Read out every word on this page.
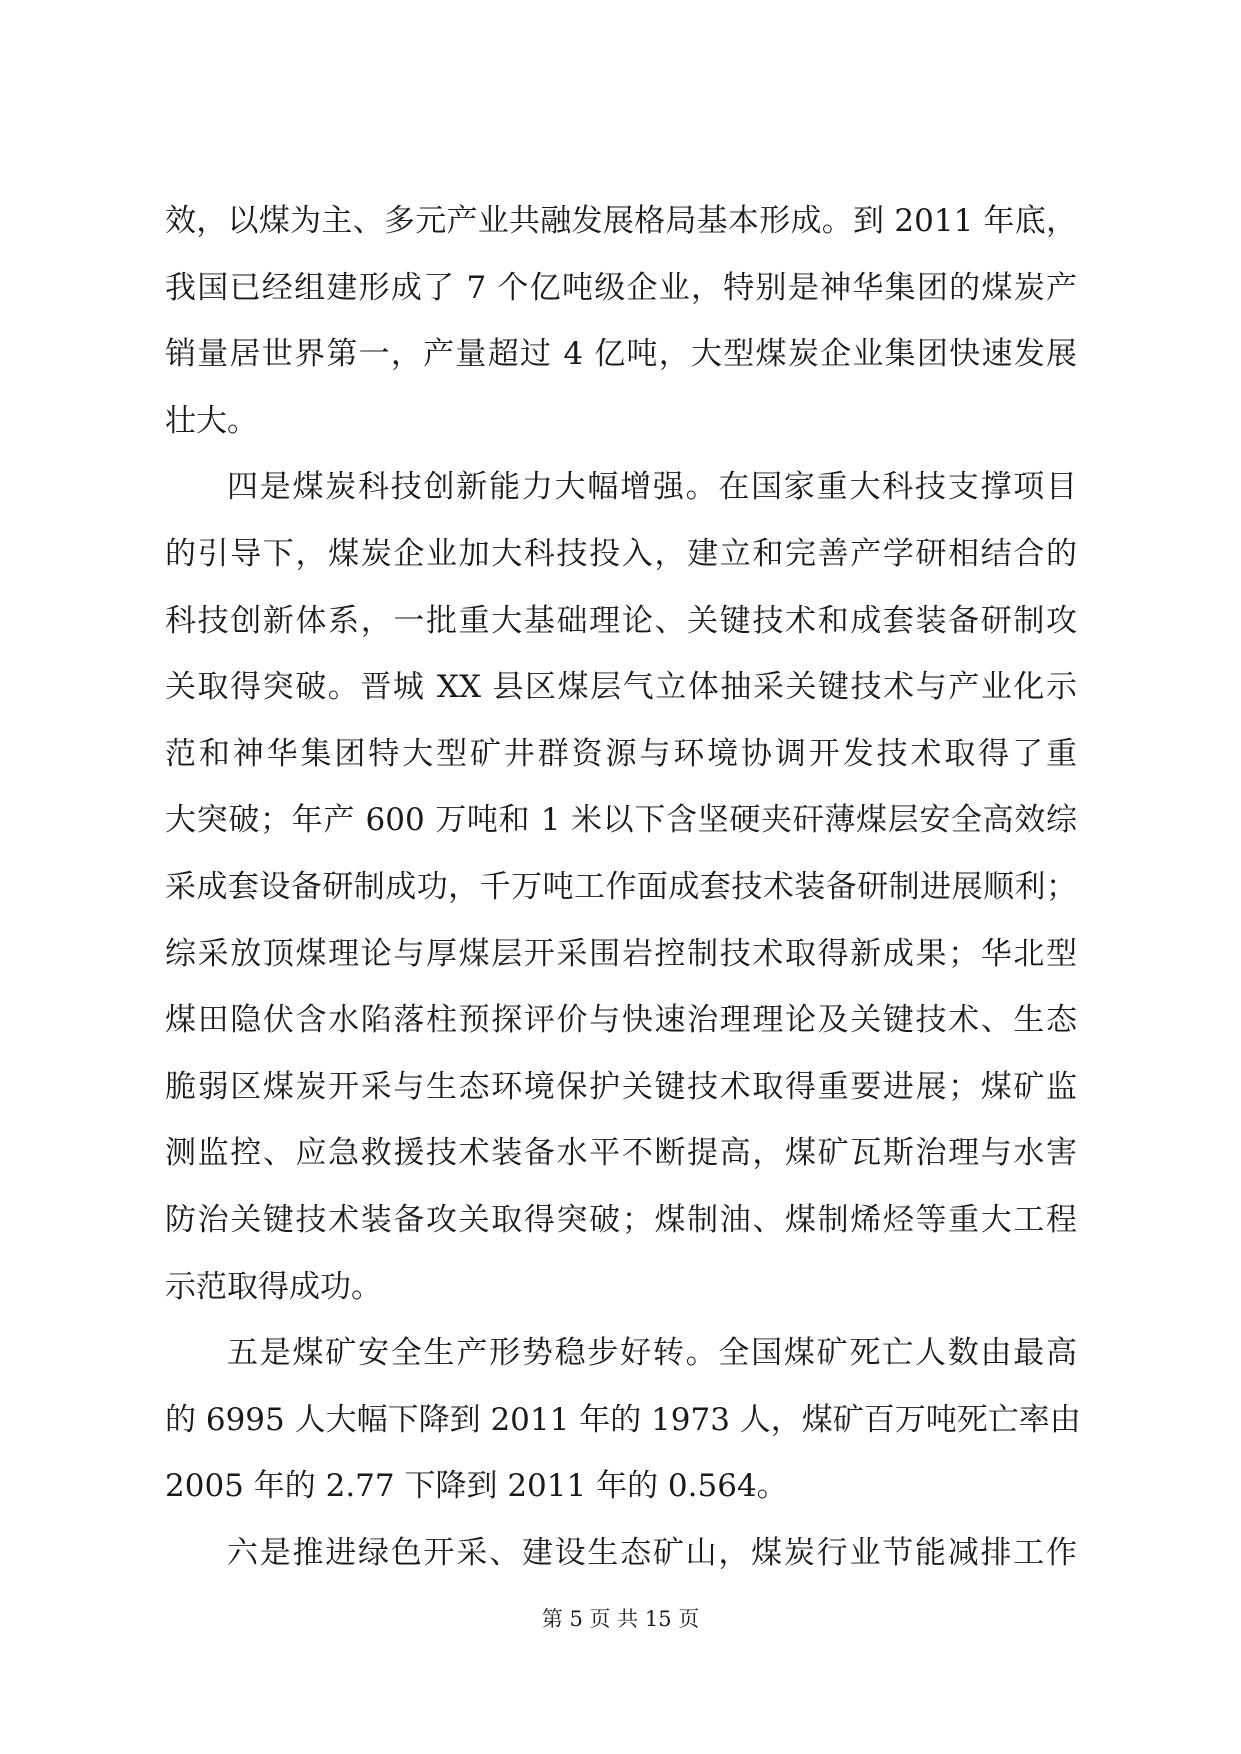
效，以煤为主、多元产业共融发展格局基本形成。到 2011 年底，
我国已经组建形成了 7 个亿吨级企业，特别是神华集团的煤炭产
销量居世界第一，产量超过 4 亿吨，大型煤炭企业集团快速发展
壮大。
四是煤炭科技创新能力大幅增强。在国家重大科技支撑项目
的引导下，煤炭企业加大科技投入，建立和完善产学研相结合的
科技创新体系，一批重大基础理论、关键技术和成套装备研制攻
关取得突破。晋城 XX 县区煤层气立体抽采关键技术与产业化示
范和神华集团特大型矿井群资源与环境协调开发技术取得了重
大突破；年产 600 万吨和 1 米以下含坚硬夹矸薄煤层安全高效综
采成套设备研制成功，千万吨工作面成套技术装备研制进展顺利；
综采放顶煤理论与厚煤层开采围岩控制技术取得新成果；华北型
煤田隐伏含水陷落柱预探评价与快速治理理论及关键技术、生态
脆弱区煤炭开采与生态环境保护关键技术取得重要进展；煤矿监
测监控、应急救援技术装备水平不断提高，煤矿瓦斯治理与水害
防治关键技术装备攻关取得突破；煤制油、煤制烯烃等重大工程
示范取得成功。
五是煤矿安全生产形势稳步好转。全国煤矿死亡人数由最高
的 6995 人大幅下降到 2011 年的 1973 人，煤矿百万吨死亡率由
2005 年的 2.77 下降到 2011 年的 0.564。
六是推进绿色开采、建设生态矿山，煤炭行业节能减排工作
第 5 页 共 15 页
